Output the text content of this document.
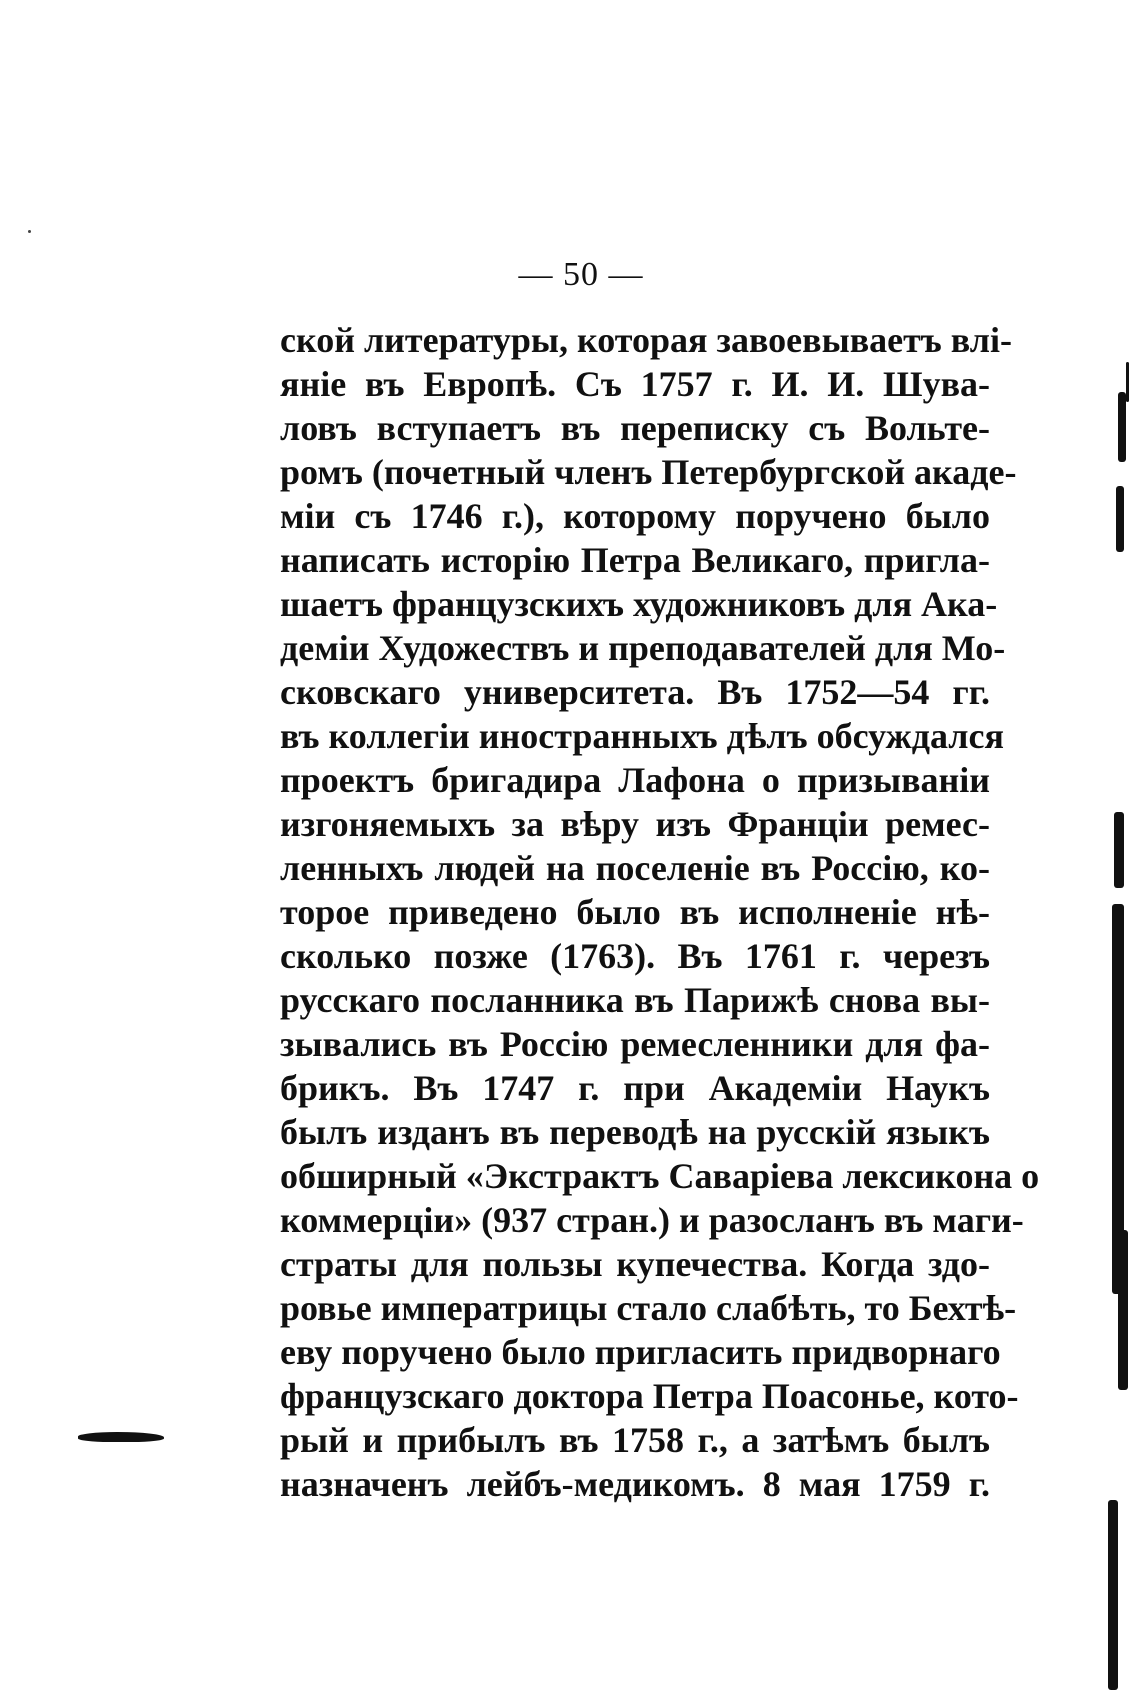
— 50 —
ской литературы, которая завоевываетъ влі-
яніе въ Европѣ. Съ 1757 г. И. И. Шува-
ловъ вступаетъ въ переписку съ Вольте-
ромъ (почетный членъ Петербургской акаде-
міи съ 1746 г.), которому поручено было
написать исторію Петра Великаго, пригла-
шаетъ французскихъ художниковъ для Ака-
деміи Художествъ и преподавателей для Мо-
сковскаго университета. Въ 1752—54 гг.
въ коллегіи иностранныхъ дѣлъ обсуждался
проектъ бригадира Лафона о призываніи
изгоняемыхъ за вѣру изъ Франціи ремес-
ленныхъ людей на поселеніе въ Россію, ко-
торое приведено было въ исполненіе нѣ-
сколько позже (1763). Въ 1761 г. черезъ
русскаго посланника въ Парижѣ снова вы-
зывались въ Россію ремесленники для фа-
брикъ. Въ 1747 г. при Академіи Наукъ
былъ изданъ въ переводѣ на русскій языкъ
обширный «Экстрактъ Саваріева лексикона о
коммерціи» (937 стран.) и разосланъ въ маги-
страты для пользы купечества. Когда здо-
ровье императрицы стало слабѣть, то Бехтѣ-
еву поручено было пригласить придворнаго
французскаго доктора Петра Поасонье, кото-
рый и прибылъ въ 1758 г., а затѣмъ былъ
назначенъ лейбъ-медикомъ. 8 мая 1759 г.
